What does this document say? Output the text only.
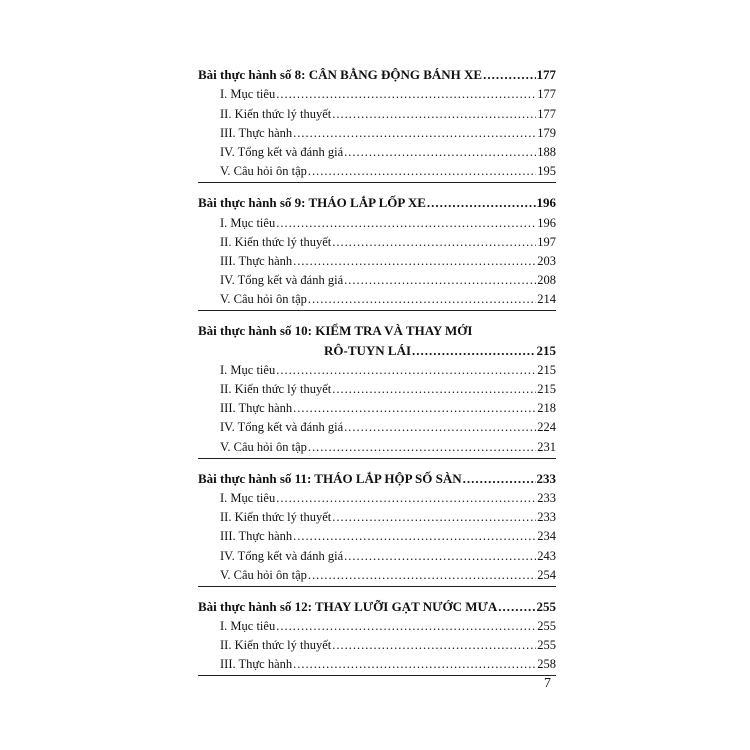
Bài thực hành số 8: CÂN BẰNG ĐỘNG BÁNH XE .....	177
I. Mục tiêu .....	177
II. Kiến thức lý thuyết .....	177
III. Thực hành .....	179
IV. Tổng kết và đánh giá .....	188
V. Câu hỏi ôn tập .....	195
Bài thực hành số 9: THÁO LẮP LỐP XE .....	196
I. Mục tiêu .....	196
II. Kiến thức lý thuyết .....	197
III. Thực hành .....	203
IV. Tổng kết và đánh giá .....	208
V. Câu hỏi ôn tập .....	214
Bài thực hành số 10: KIỂM TRA VÀ THAY MỚI
RÔ-TUYN LÁI .....	215
I. Mục tiêu .....	215
II. Kiến thức lý thuyết .....	215
III. Thực hành .....	218
IV. Tổng kết và đánh giá .....	224
V. Câu hỏi ôn tập .....	231
Bài thực hành số 11: THÁO LẮP HỘP SỐ SÀN .....	233
I. Mục tiêu .....	233
II. Kiến thức lý thuyết .....	233
III. Thực hành .....	234
IV. Tổng kết và đánh giá .....	243
V. Câu hỏi ôn tập .....	254
Bài thực hành số 12: THAY LƯỠI GẠT NƯỚC MƯA .....	255
I. Mục tiêu .....	255
II. Kiến thức lý thuyết .....	255
III. Thực hành .....	258
7
